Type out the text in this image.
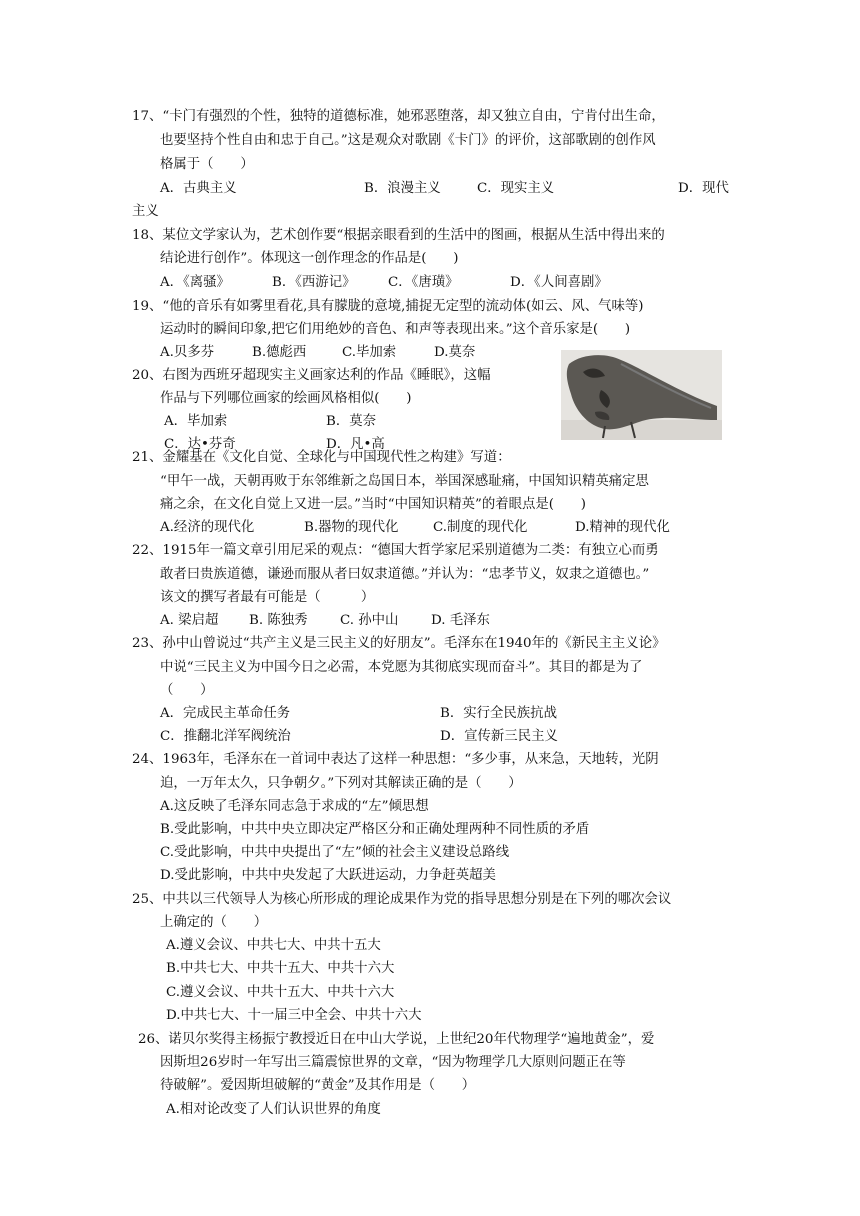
17、“卡门有强烈的个性，独特的道德标准，她邪恶堕落，却又独立自由，宁肯付出生命，
也要坚持个性自由和忠于自己。”这是观众对歌剧《卡门》的评价，这部歌剧的创作风
格属于（　　）
A．古典主义	B．浪漫主义	C．现实主义	D．现代
主义
18、某位文学家认为，艺术创作要“根据亲眼看到的生活中的图画，根据从生活中得出来的
结论进行创作”。体现这一创作理念的作品是(　　)
A．《离骚》	B．《西游记》 C．《唐璜》	D．《人间喜剧》
19、“他的音乐有如雾里看花,具有朦胧的意境,捕捉无定型的流动体(如云、风、气味等)
运动时的瞬间印象,把它们用绝妙的音色、和声等表现出来。”这个音乐家是(　　)
A.贝多芬	B.德彪西	C.毕加索	D.莫奈
20、右图为西班牙超现实主义画家达利的作品《睡眠》，这幅
作品与下列哪位画家的绘画风格相似(　　)
A．毕加索	B．莫奈
C．达•芬奇	D．凡•高
21、金耀基在《文化自觉、全球化与中国现代性之构建》写道：
“甲午一战，天朝再败于东邻维新之岛国日本，举国深感耻痛，中国知识精英痛定思
痛之余，在文化自觉上又进一层。”当时“中国知识精英”的着眼点是(　　)
A.经济的现代化	B.器物的现代化	C.制度的现代化	D.精神的现代化
22、1915年一篇文章引用尼采的观点：“德国大哲学家尼采别道德为二类：有独立心而勇
敢者曰贵族道德，谦逊而服从者曰奴隶道德。”并认为：“忠孝节义，奴隶之道德也。”
该文的撰写者最有可能是（　　　）
A. 梁启超 B. 陈独秀 C. 孙中山 D. 毛泽东
23、孙中山曾说过“共产主义是三民主义的好朋友”。毛泽东在1940年的《新民主主义论》
中说“三民主义为中国今日之必需，本党愿为其彻底实现而奋斗”。其目的都是为了
（　　）
A．完成民主革命任务	B．实行全民族抗战
C．推翻北洋军阀统治	D．宣传新三民主义
24、1963年，毛泽东在一首词中表达了这样一种思想：“多少事，从来急，天地转，光阴
迫，一万年太久，只争朝夕。”下列对其解读正确的是（　　）
A.这反映了毛泽东同志急于求成的“左”倾思想
B.受此影响，中共中央立即决定严格区分和正确处理两种不同性质的矛盾
C.受此影响，中共中央提出了“左”倾的社会主义建设总路线
D.受此影响，中共中央发起了大跃进运动，力争赶英超美
25、中共以三代领导人为核心所形成的理论成果作为党的指导思想分别是在下列的哪次会议
上确定的（　　）
A.遵义会议、中共七大、中共十五大
B.中共七大、中共十五大、中共十六大
C.遵义会议、中共十五大、中共十六大
D.中共七大、十一届三中全会、中共十六大
26、诺贝尔奖得主杨振宁教授近日在中山大学说，上世纪20年代物理学“遍地黄金”，爱
因斯坦26岁时一年写出三篇震惊世界的文章，“因为物理学几大原则问题正在等
待破解”。爱因斯坦破解的“黄金”及其作用是（　　）
A.相对论改变了人们认识世界的角度
